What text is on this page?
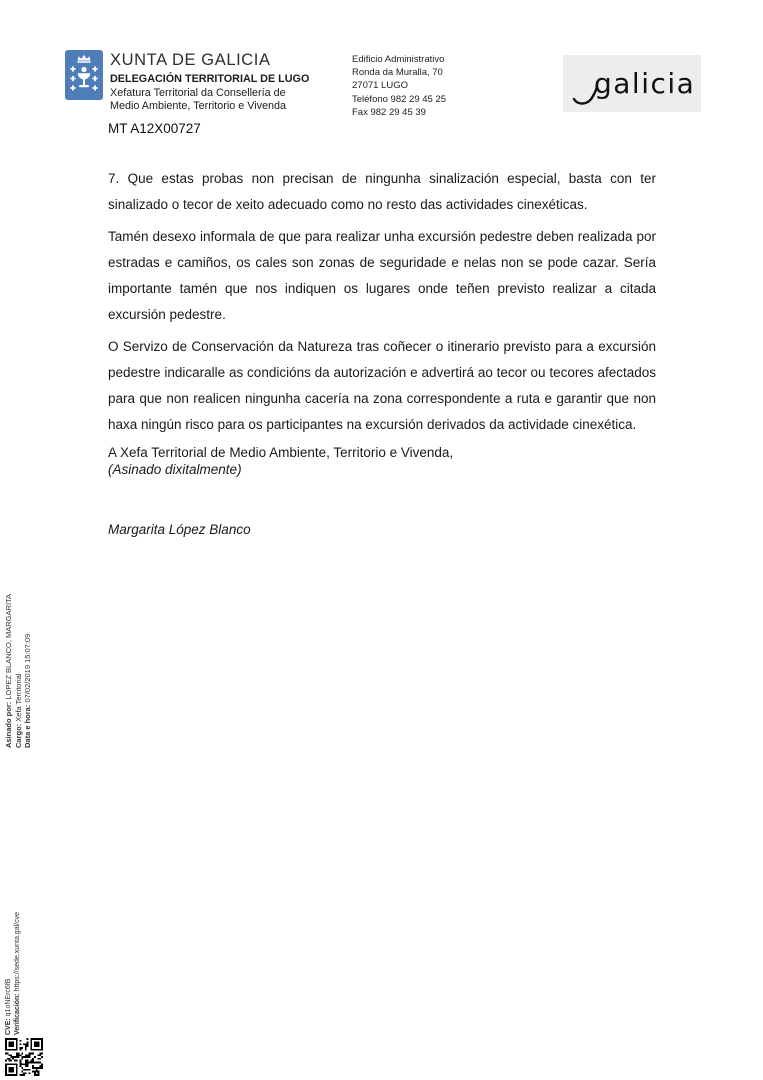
XUNTA DE GALICIA
DELEGACIÓN TERRITORIAL DE LUGO
Xefatura Territorial da Consellería de
Medio Ambiente, Territorio e Vivenda
Edificio Administrativo
Ronda da Muralla, 70
27071 LUGO
Teléfono 982 29 45 25
Fax 982 29 45 39
galicia
MT A12X00727

7. Que estas probas non precisan de ningunha sinalización especial, basta con ter sinalizado o tecor de xeito adecuado como no resto das actividades cinexéticas.

Tamén desexo informala de que para realizar unha excursión pedestre deben realizada por estradas e camiños, os cales son zonas de seguridade e nelas non se pode cazar. Sería importante tamén que nos indiquen os lugares onde teñen previsto realizar a citada excursión pedestre.

O Servizo de Conservación da Natureza tras coñecer o itinerario previsto para a excursión pedestre indicaralle as condicións da autorización e advertirá ao tecor ou tecores afectados para que non realicen ningunha cacería na zona correspondente a ruta e garantir que non haxa ningún risco para os participantes na excursión derivados da actividade cinexética.

A Xefa Territorial de Medio Ambiente, Territorio e Vivenda,
(Asinado dixitalmente)
Margarita López Blanco
Asinado por: LOPEZ BLANCO, MARGARITA
Cargo: Xefa Territorial
Data e hora: 07/02/2019 15:07:09
CVE: q1oNErc6fB Verificación: https://sede.xunta.gal/cve
